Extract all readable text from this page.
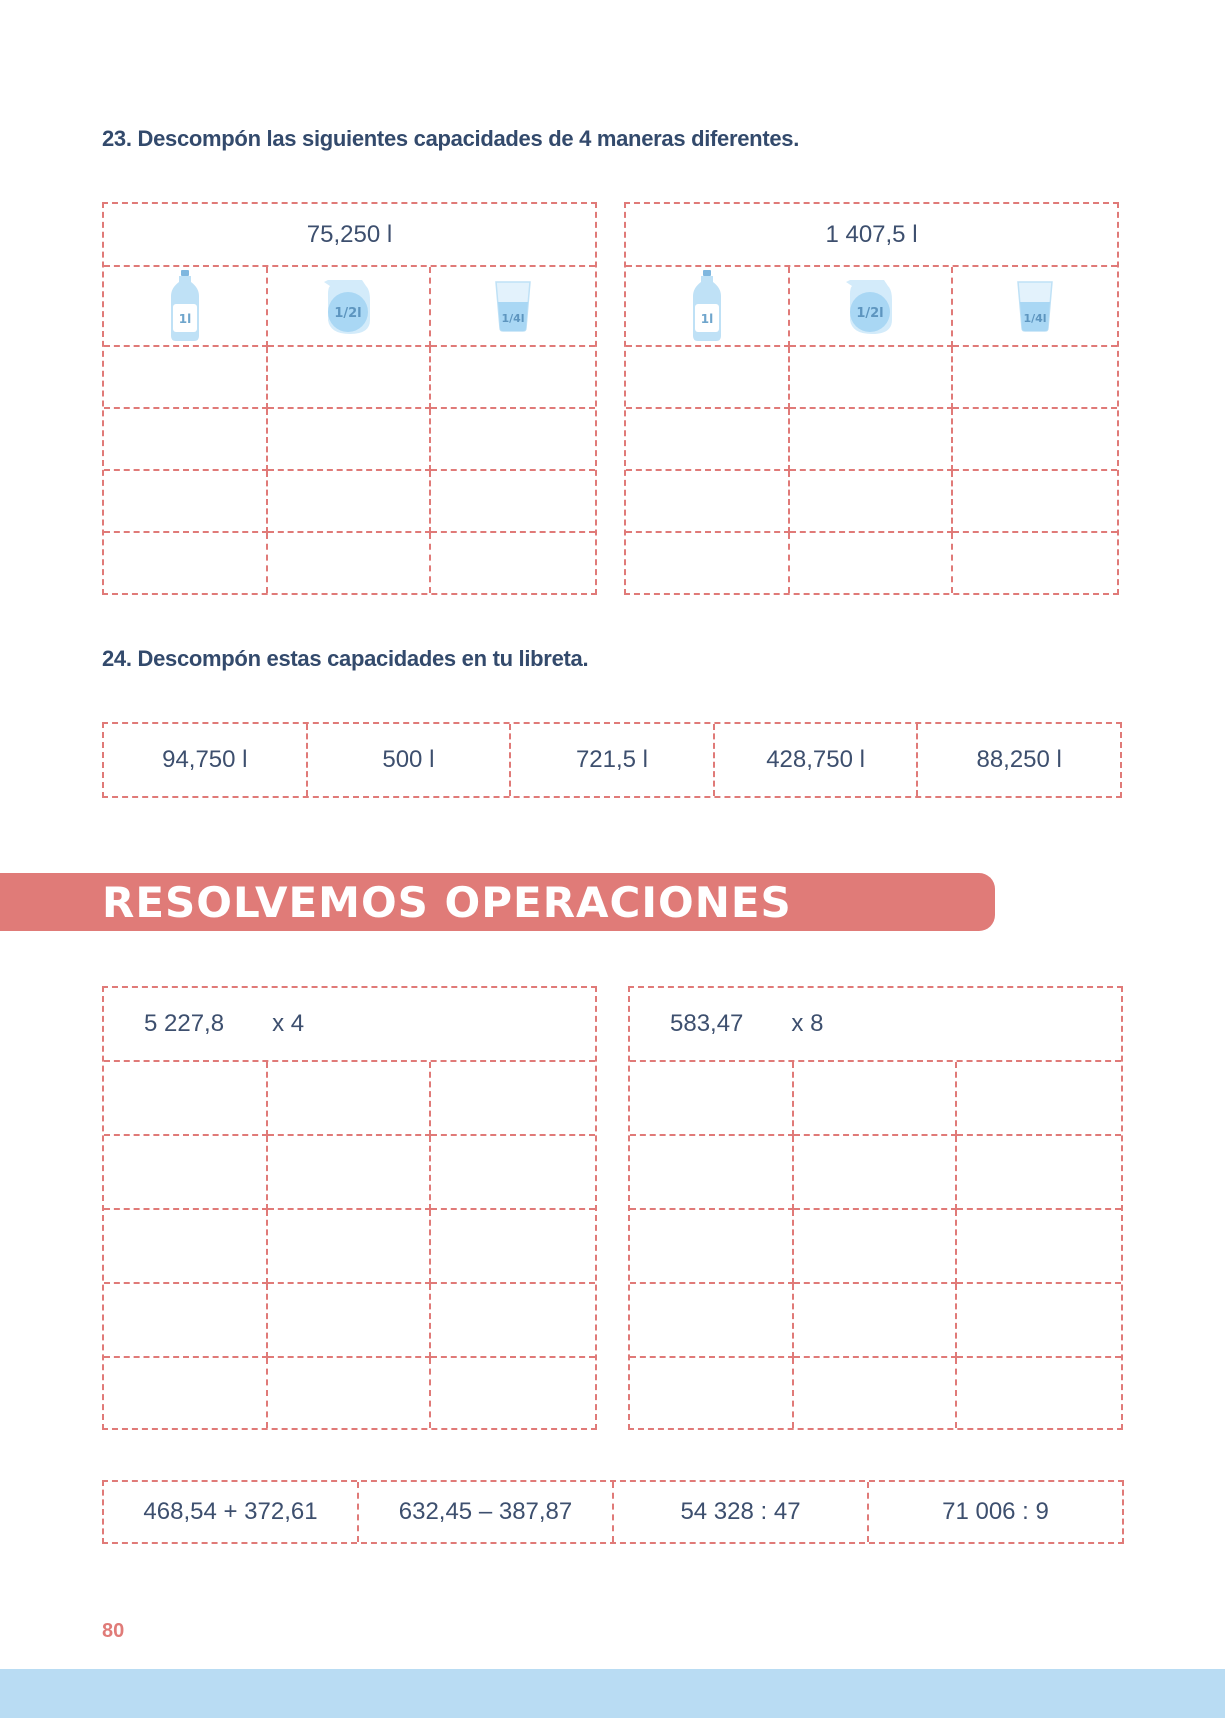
23. Descompón las siguientes capacidades de 4 maneras diferentes.
75,250 l
1l	1/2l	1/4l
1 407,5 l
1l	1/2l	1/4l
24. Descompón estas capacidades en tu libreta.
94,750 l	500 l	721,5 l	428,750 l	88,250 l
RESOLVEMOS OPERACIONES
5 227,8 x 4	583,47 x 8
468,54 + 372,61	632,45 – 387,87	54 328 : 47	71 006 : 9
80
